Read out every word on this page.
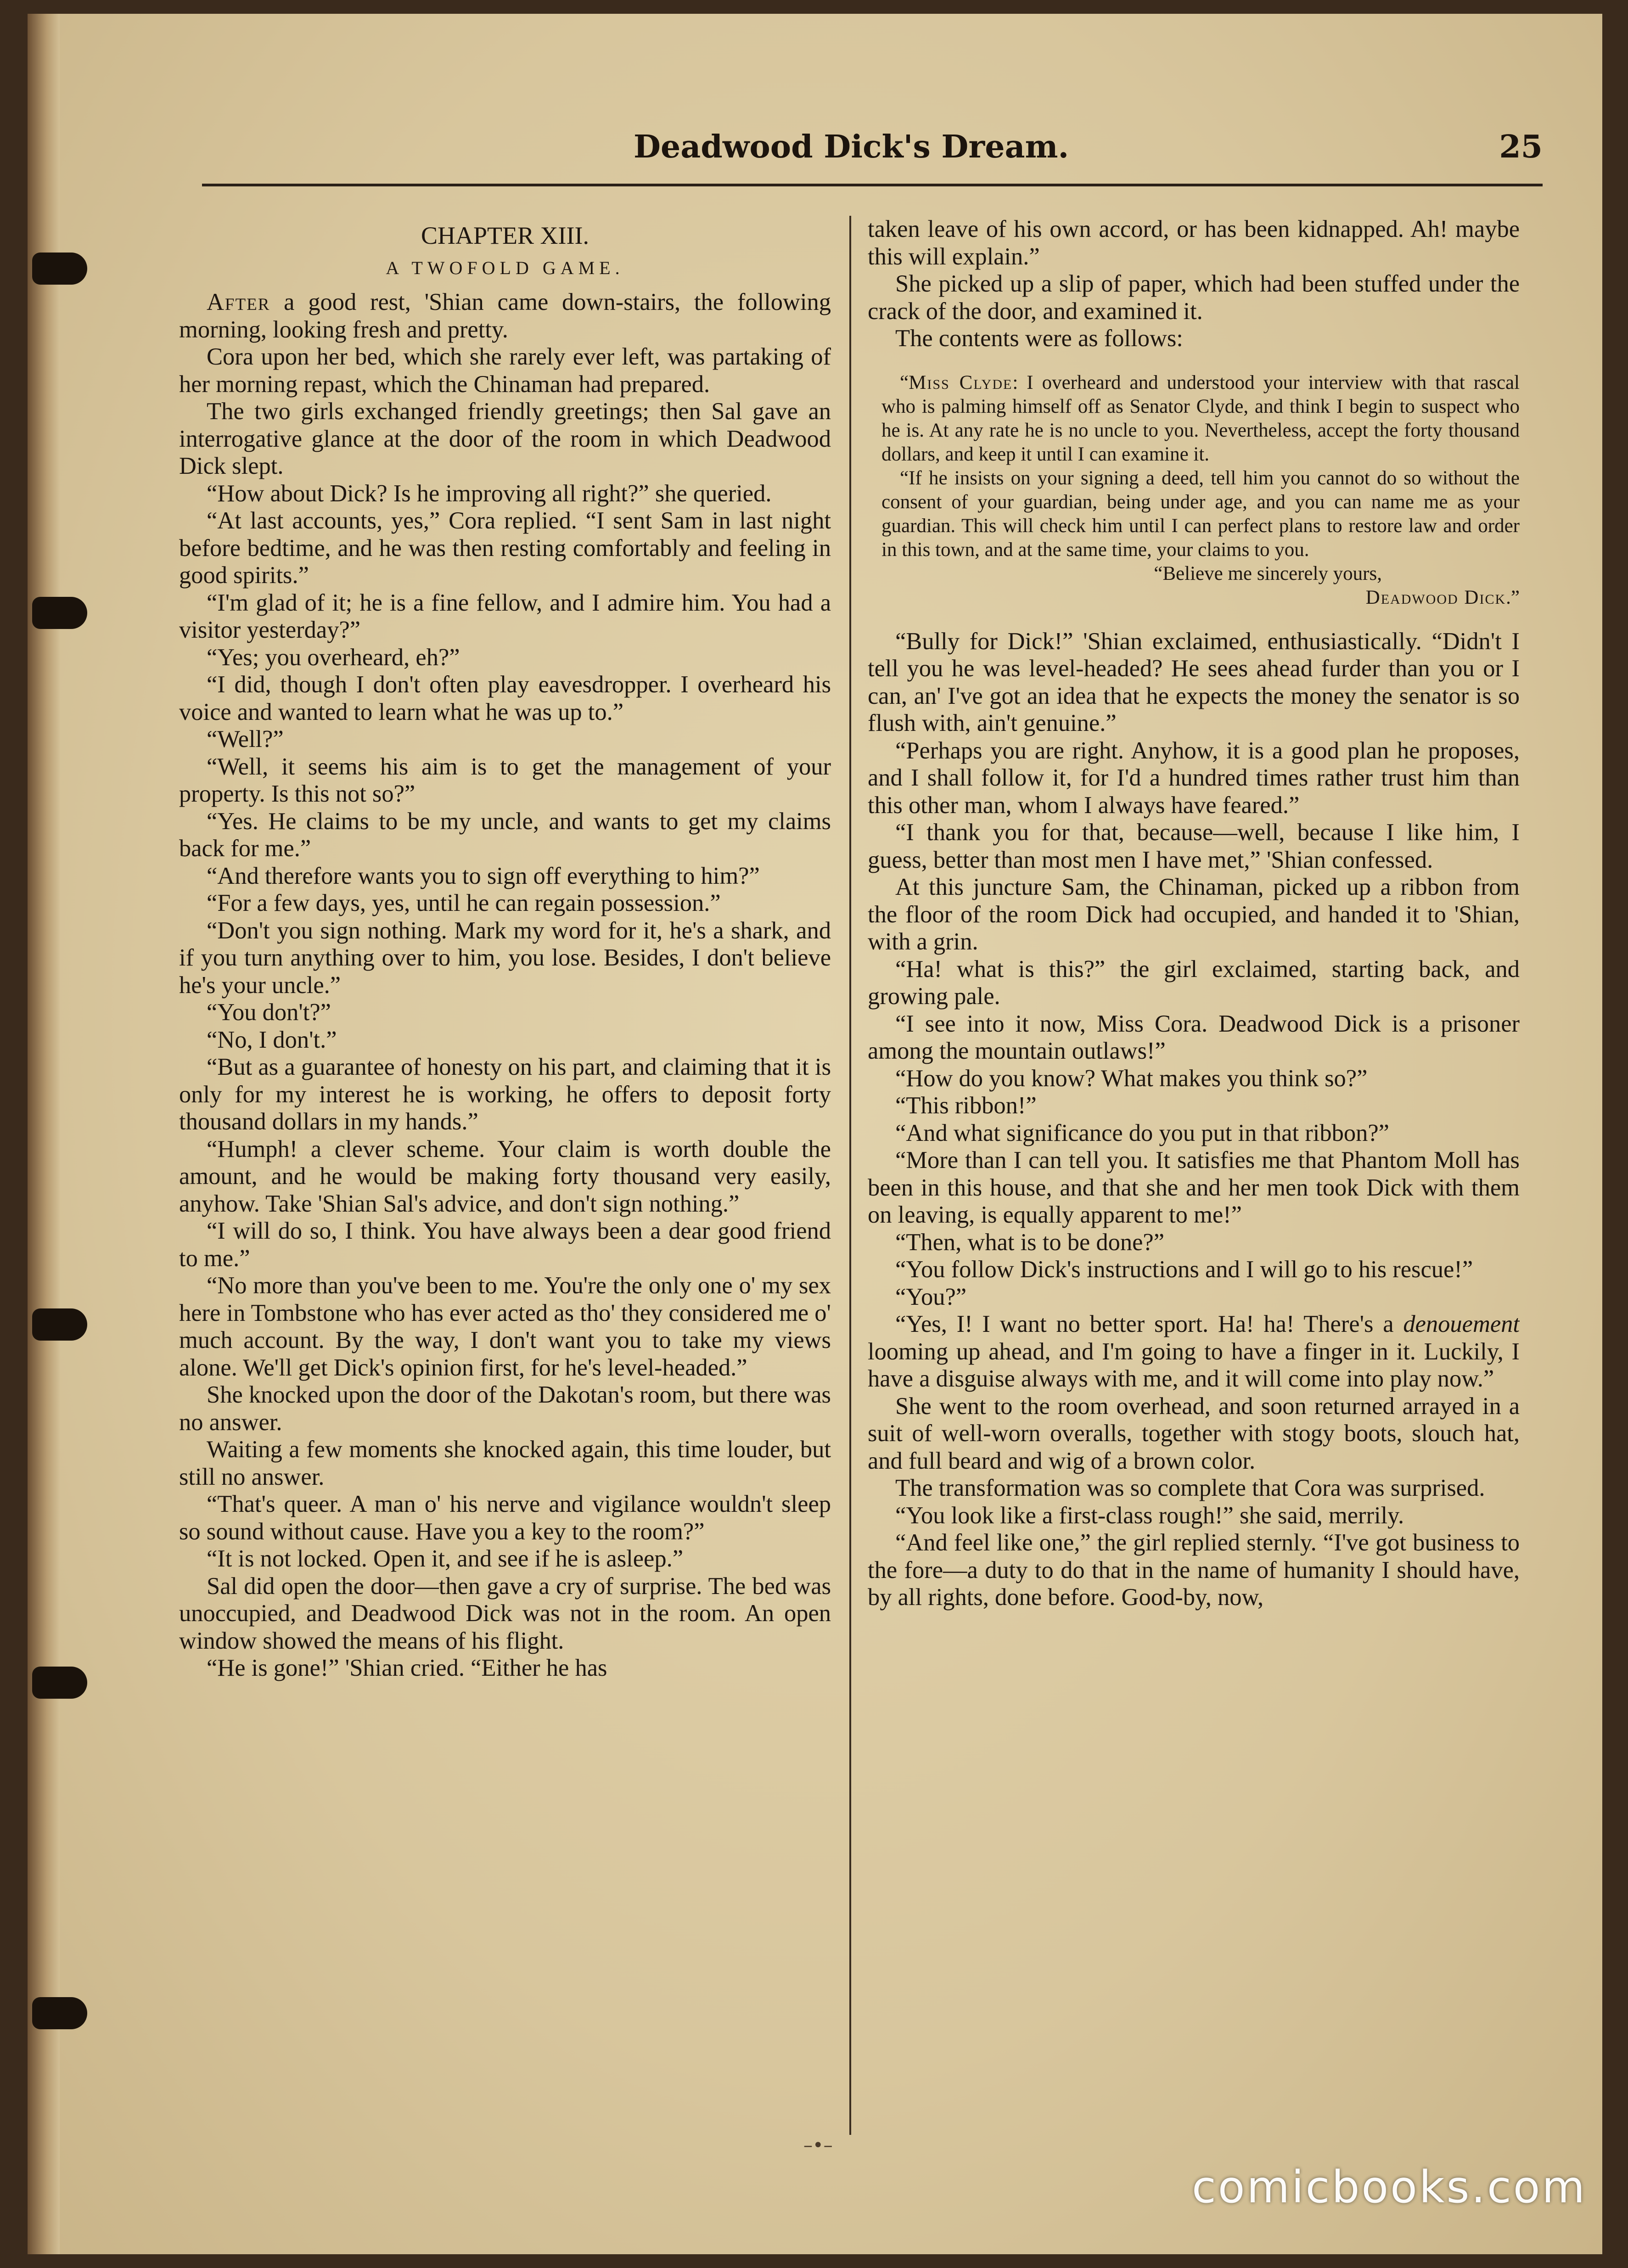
Deadwood Dick's Dream.	25
CHAPTER XIII.
A TWOFOLD GAME.

After a good rest, 'Shian came down-stairs, the following morning, looking fresh and pretty.

Cora upon her bed, which she rarely ever left, was partaking of her morning repast, which the Chinaman had prepared.

The two girls exchanged friendly greetings; then Sal gave an interrogative glance at the door of the room in which Deadwood Dick slept.

“How about Dick? Is he improving all right?” she queried.

“At last accounts, yes,” Cora replied. “I sent Sam in last night before bedtime, and he was then resting comfortably and feeling in good spirits.”

“I'm glad of it; he is a fine fellow, and I admire him. You had a visitor yesterday?”

“Yes; you overheard, eh?”

“I did, though I don't often play eavesdropper. I overheard his voice and wanted to learn what he was up to.”

“Well?”

“Well, it seems his aim is to get the management of your property. Is this not so?”

“Yes. He claims to be my uncle, and wants to get my claims back for me.”

“And therefore wants you to sign off everything to him?”

“For a few days, yes, until he can regain possession.”

“Don't you sign nothing. Mark my word for it, he's a shark, and if you turn anything over to him, you lose. Besides, I don't believe he's your uncle.”

“You don't?”

“No, I don't.”

“But as a guarantee of honesty on his part, and claiming that it is only for my interest he is working, he offers to deposit forty thousand dollars in my hands.”

“Humph! a clever scheme. Your claim is worth double the amount, and he would be making forty thousand very easily, anyhow. Take 'Shian Sal's advice, and don't sign nothing.”

“I will do so, I think. You have always been a dear good friend to me.”

“No more than you've been to me. You're the only one o' my sex here in Tombstone who has ever acted as tho' they considered me o' much account. By the way, I don't want you to take my views alone. We'll get Dick's opinion first, for he's level-headed.”

She knocked upon the door of the Dakotan's room, but there was no answer.

Waiting a few moments she knocked again, this time louder, but still no answer.

“That's queer. A man o' his nerve and vigilance wouldn't sleep so sound without cause. Have you a key to the room?”

“It is not locked. Open it, and see if he is asleep.”

Sal did open the door—then gave a cry of surprise. The bed was unoccupied, and Deadwood Dick was not in the room. An open window showed the means of his flight.

“He is gone!” 'Shian cried. “Either he has

taken leave of his own accord, or has been kidnapped. Ah! maybe this will explain.”

She picked up a slip of paper, which had been stuffed under the crack of the door, and examined it.

The contents were as follows:

“Miss Clyde: I overheard and understood your interview with that rascal who is palming himself off as Senator Clyde, and think I begin to suspect who he is. At any rate he is no uncle to you. Nevertheless, accept the forty thousand dollars, and keep it until I can examine it.

“If he insists on your signing a deed, tell him you cannot do so without the consent of your guardian, being under age, and you can name me as your guardian. This will check him until I can perfect plans to restore law and order in this town, and at the same time, your claims to you.

“Believe me sincerely yours,

Deadwood Dick.”

“Bully for Dick!” 'Shian exclaimed, enthusiastically. “Didn't I tell you he was level-headed? He sees ahead furder than you or I can, an' I've got an idea that he expects the money the senator is so flush with, ain't genuine.”

“Perhaps you are right. Anyhow, it is a good plan he proposes, and I shall follow it, for I'd a hundred times rather trust him than this other man, whom I always have feared.”

“I thank you for that, because—well, because I like him, I guess, better than most men I have met,” 'Shian confessed.

At this juncture Sam, the Chinaman, picked up a ribbon from the floor of the room Dick had occupied, and handed it to 'Shian, with a grin.

“Ha! what is this?” the girl exclaimed, starting back, and growing pale.

“I see into it now, Miss Cora. Deadwood Dick is a prisoner among the mountain outlaws!”

“How do you know? What makes you think so?”

“This ribbon!”

“And what significance do you put in that ribbon?”

“More than I can tell you. It satisfies me that Phantom Moll has been in this house, and that she and her men took Dick with them on leaving, is equally apparent to me!”

“Then, what is to be done?”

“You follow Dick's instructions and I will go to his rescue!”

“You?”

“Yes, I! I want no better sport. Ha! ha! There's a denouement looming up ahead, and I'm going to have a finger in it. Luckily, I have a disguise always with me, and it will come into play now.”

She went to the room overhead, and soon returned arrayed in a suit of well-worn overalls, together with stogy boots, slouch hat, and full beard and wig of a brown color.

The transformation was so complete that Cora was surprised.

“You look like a first-class rough!” she said, merrily.

“And feel like one,” the girl replied sternly. “I've got business to the fore—a duty to do that in the name of humanity I should have, by all rights, done before. Good-by, now,

–•–
comicbooks.com
